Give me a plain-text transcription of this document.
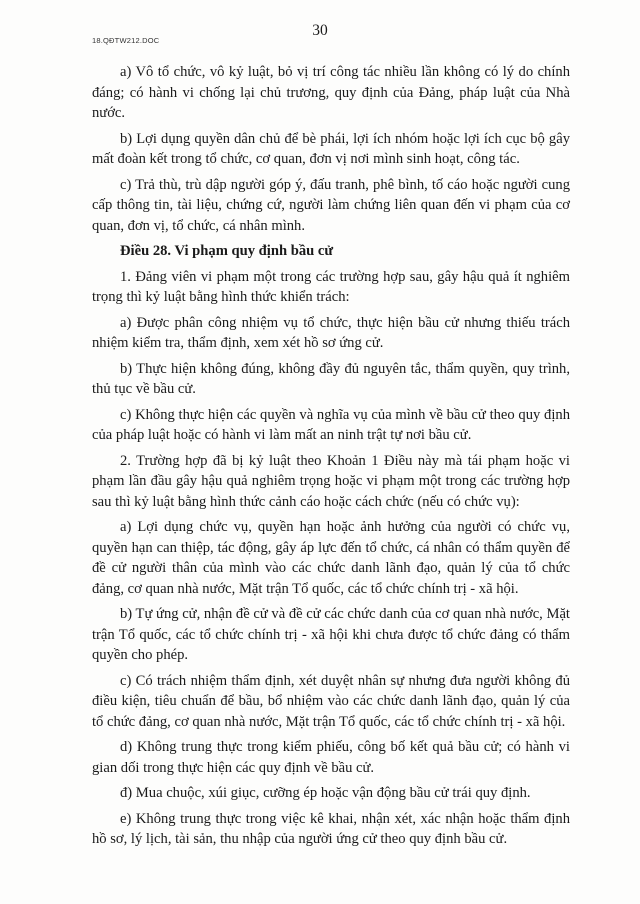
18.QĐTW212.DOC
30

a) Vô tổ chức, vô kỷ luật, bỏ vị trí công tác nhiều lần không có lý do chính đáng; có hành vi chống lại chủ trương, quy định của Đảng, pháp luật của Nhà nước.

b) Lợi dụng quyền dân chủ để bè phái, lợi ích nhóm hoặc lợi ích cục bộ gây mất đoàn kết trong tổ chức, cơ quan, đơn vị nơi mình sinh hoạt, công tác.

c) Trả thù, trù dập người góp ý, đấu tranh, phê bình, tố cáo hoặc người cung cấp thông tin, tài liệu, chứng cứ, người làm chứng liên quan đến vi phạm của cơ quan, đơn vị, tổ chức, cá nhân mình.

Điều 28. Vi phạm quy định bầu cử

1. Đảng viên vi phạm một trong các trường hợp sau, gây hậu quả ít nghiêm trọng thì kỷ luật bằng hình thức khiển trách:

a) Được phân công nhiệm vụ tổ chức, thực hiện bầu cử nhưng thiếu trách nhiệm kiểm tra, thẩm định, xem xét hồ sơ ứng cử.

b) Thực hiện không đúng, không đầy đủ nguyên tắc, thẩm quyền, quy trình, thủ tục về bầu cử.

c) Không thực hiện các quyền và nghĩa vụ của mình về bầu cử theo quy định của pháp luật hoặc có hành vi làm mất an ninh trật tự nơi bầu cử.

2. Trường hợp đã bị kỷ luật theo Khoản 1 Điều này mà tái phạm hoặc vi phạm lần đầu gây hậu quả nghiêm trọng hoặc vi phạm một trong các trường hợp sau thì kỷ luật bằng hình thức cảnh cáo hoặc cách chức (nếu có chức vụ):

a) Lợi dụng chức vụ, quyền hạn hoặc ảnh hưởng của người có chức vụ, quyền hạn can thiệp, tác động, gây áp lực đến tổ chức, cá nhân có thẩm quyền để đề cử người thân của mình vào các chức danh lãnh đạo, quản lý của tổ chức đảng, cơ quan nhà nước, Mặt trận Tổ quốc, các tổ chức chính trị - xã hội.

b) Tự ứng cử, nhận đề cử và đề cử các chức danh của cơ quan nhà nước, Mặt trận Tổ quốc, các tổ chức chính trị - xã hội khi chưa được tổ chức đảng có thẩm quyền cho phép.

c) Có trách nhiệm thẩm định, xét duyệt nhân sự nhưng đưa người không đủ điều kiện, tiêu chuẩn để bầu, bổ nhiệm vào các chức danh lãnh đạo, quản lý của tổ chức đảng, cơ quan nhà nước, Mặt trận Tổ quốc, các tổ chức chính trị - xã hội.

d) Không trung thực trong kiểm phiếu, công bố kết quả bầu cử; có hành vi gian dối trong thực hiện các quy định về bầu cử.

đ) Mua chuộc, xúi giục, cưỡng ép hoặc vận động bầu cử trái quy định.

e) Không trung thực trong việc kê khai, nhận xét, xác nhận hoặc thẩm định hồ sơ, lý lịch, tài sản, thu nhập của người ứng cử theo quy định bầu cử.
